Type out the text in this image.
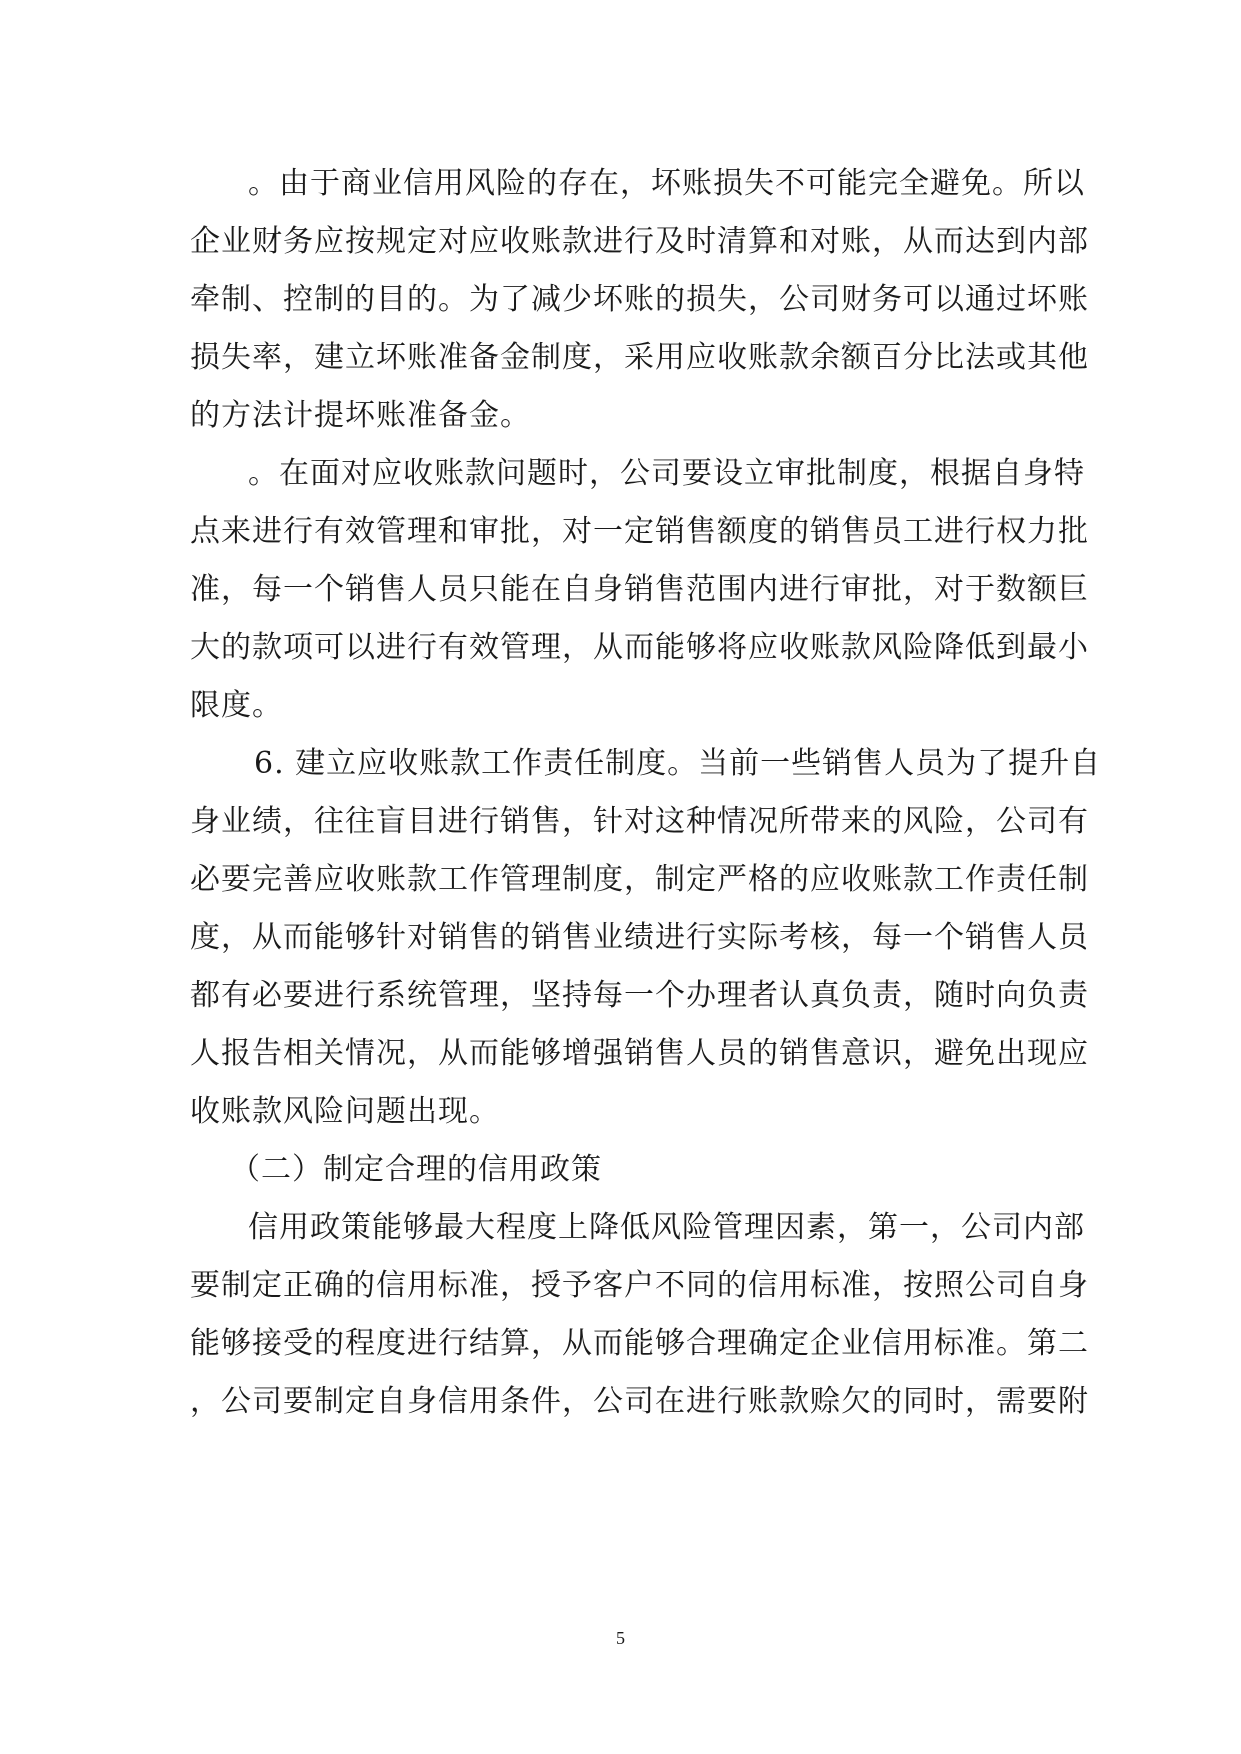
。由于商业信用风险的存在，坏账损失不可能完全避免。所以
企业财务应按规定对应收账款进行及时清算和对账，从而达到内部
牵制、控制的目的。为了减少坏账的损失，公司财务可以通过坏账
损失率，建立坏账准备金制度，采用应收账款余额百分比法或其他
的方法计提坏账准备金。
。在面对应收账款问题时，公司要设立审批制度，根据自身特
点来进行有效管理和审批，对一定销售额度的销售员工进行权力批
准，每一个销售人员只能在自身销售范围内进行审批，对于数额巨
大的款项可以进行有效管理，从而能够将应收账款风险降低到最小
限度。
6. 建立应收账款工作责任制度。当前一些销售人员为了提升自
身业绩，往往盲目进行销售，针对这种情况所带来的风险，公司有
必要完善应收账款工作管理制度，制定严格的应收账款工作责任制
度，从而能够针对销售的销售业绩进行实际考核，每一个销售人员
都有必要进行系统管理，坚持每一个办理者认真负责，随时向负责
人报告相关情况，从而能够增强销售人员的销售意识，避免出现应
收账款风险问题出现。
（二）制定合理的信用政策
信用政策能够最大程度上降低风险管理因素，第一，公司内部
要制定正确的信用标准，授予客户不同的信用标准，按照公司自身
能够接受的程度进行结算，从而能够合理确定企业信用标准。第二
，公司要制定自身信用条件，公司在进行账款赊欠的同时，需要附
5
